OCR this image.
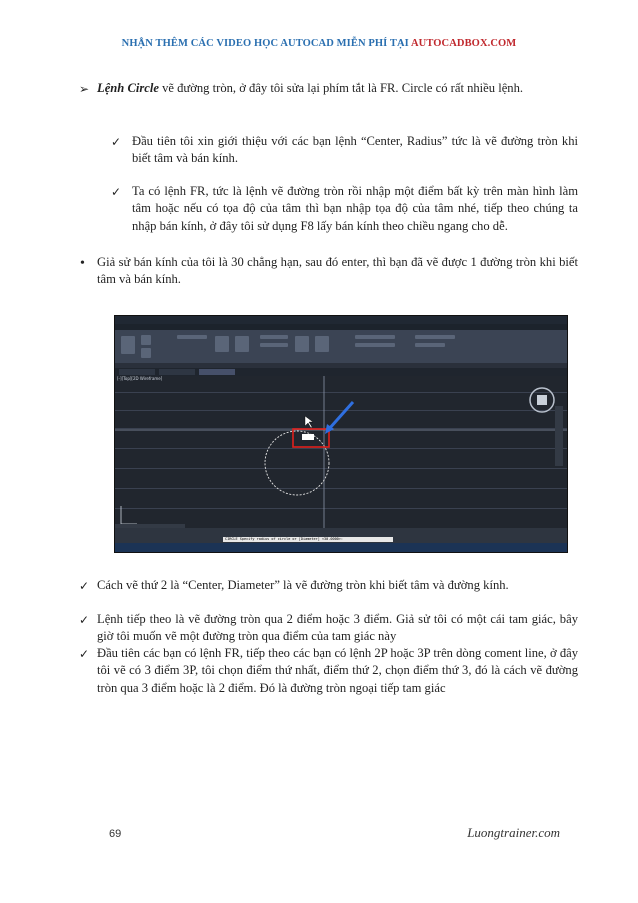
NHẬN THÊM CÁC VIDEO HỌC AUTOCAD MIỄN PHÍ TẠI AUTOCADBOX.COM
➢ Lệnh Circle vẽ đường tròn, ở đây tôi sửa lại phím tắt là FR. Circle có rất nhiều lệnh.
✓ Đầu tiên tôi xin giới thiệu với các bạn lệnh “Center, Radius” tức là vẽ đường tròn khi biết tâm và bán kính.
✓ Ta có lệnh FR, tức là lệnh vẽ đường tròn rồi nhập một điểm bất kỳ trên màn hình làm tâm hoặc nếu có tọa độ của tâm thì bạn nhập tọa độ của tâm nhé, tiếp theo chúng ta nhập bán kính, ở đây tôi sử dụng F8 lấy bán kính theo chiều ngang cho dễ.
• Giả sử bán kính của tôi là 30 chẳng hạn, sau đó enter, thì bạn đã vẽ được 1 đường tròn khi biết tâm và bán kính.
[-][Top][2D Wireframe]
CIRCLE Specify radius of circle or [Diameter] <30.0000>:
✓ Cách vẽ thứ 2 là “Center, Diameter” là vẽ đường tròn khi biết tâm và đường kính.
✓ Lệnh tiếp theo là vẽ đường tròn qua 2 điểm hoặc 3 điểm. Giả sử tôi có một cái tam giác, bây giờ tôi muốn vẽ một đường tròn qua điểm của tam giác này
✓ Đầu tiên các bạn có lệnh FR, tiếp theo các bạn có lệnh 2P hoặc 3P trên dòng coment line, ở đây tôi vẽ có 3 điểm 3P, tôi chọn điểm thứ nhất, điểm thứ 2, chọn điểm thứ 3, đó là cách vẽ đường tròn qua 3 điểm hoặc là 2 điểm. Đó là đường tròn ngoại tiếp tam giác
69	Luongtrainer.com
